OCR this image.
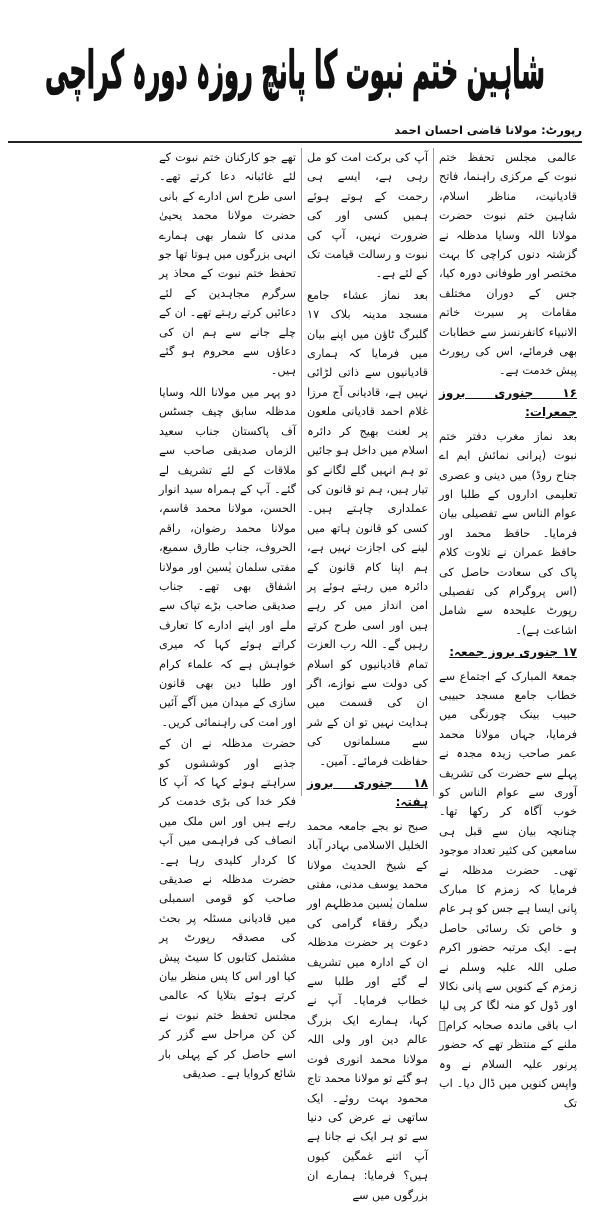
شاہین ختم نبوت کا پانچ روزہ دورہ کراچی
رپورٹ: مولانا قاضی احسان احمد

عالمی مجلس تحفظ ختم نبوت کے مرکزی راہنما، فاتح قادیانیت، مناظر اسلام، شاہین ختم نبوت حضرت مولانا اللہ وسایا مدظلہ نے گزشتہ دنوں کراچی کا بہت مختصر اور طوفانی دورہ کیا، جس کے دوران مختلف مقامات پر سیرت خاتم الانبیاء کانفرنسز سے خطابات بھی فرمائے، اس کی رپورٹ پیش خدمت ہے۔

۱۶ جنوری بروز جمعرات:

بعد نماز مغرب دفتر ختم نبوت (پرانی نمائش ایم اے جناح روڈ) میں دینی و عصری تعلیمی اداروں کے طلبا اور عوام الناس سے تفصیلی بیان فرمایا۔ حافظ محمد اور حافظ عمران نے تلاوت کلام پاک کی سعادت حاصل کی (اس پروگرام کی تفصیلی رپورٹ علیحدہ سے شامل اشاعت ہے)۔

۱۷ جنوری بروز جمعہ:

جمعۃ المبارک کے اجتماع سے خطاب جامع مسجد حبیبی حبیب بینک چورنگی میں فرمایا، جہاں مولانا محمد عمر صاحب زیدہ مجدہ نے پہلے سے حضرت کی تشریف آوری سے عوام الناس کو خوب آگاہ کر رکھا تھا۔ چنانچہ بیان سے قبل ہی سامعین کی کثیر تعداد موجود تھی۔ حضرت مدظلہ نے فرمایا کہ زمزم کا مبارک پانی ایسا ہے جس کو ہر عام و خاص تک رسائی حاصل ہے۔ ایک مرتبہ حضور اکرم صلی اللہ علیہ وسلم نے زمزم کے کنویں سے پانی نکالا اور ڈول کو منہ لگا کر پی لیا اب باقی ماندہ صحابہ کرامؓ ملنے کے منتظر تھے کہ حضور پرنور علیہ السلام نے وہ واپس کنویں میں ڈال دیا۔ اب تک

آپ کی برکت امت کو مل رہی ہے، ایسے ہی رحمت کے ہوتے ہوئے ہمیں کسی اور کی ضرورت نہیں، آپ کی نبوت و رسالت قیامت تک کے لئے ہے۔

بعد نماز عشاء جامع مسجد مدینہ بلاک ۱۷ گلبرگ ٹاؤن میں اپنے بیان میں فرمایا کہ ہماری قادیانیوں سے ذاتی لڑائی نہیں ہے، قادیانی آج مرزا غلام احمد قادیانی ملعون پر لعنت بھیج کر دائرہ اسلام میں داخل ہو جائیں تو ہم انہیں گلے لگانے کو تیار ہیں، ہم تو قانون کی عملداری چاہتے ہیں۔ کسی کو قانون ہاتھ میں لینے کی اجازت نہیں ہے، ہم اپنا کام قانون کے دائرہ میں رہتے ہوئے پر امن انداز میں کر رہے ہیں اور اسی طرح کرتے رہیں گے۔ اللہ رب العزت تمام قادیانیوں کو اسلام کی دولت سے نوازے، اگر ان کی قسمت میں ہدایت نہیں تو ان کے شر سے مسلمانوں کی حفاظت فرمائے۔ آمین۔

۱۸ جنوری بروز ہفتہ:

صبح نو بجے جامعہ محمد الخلیل الاسلامی بہادر آباد کے شیخ الحدیث مولانا محمد یوسف مدنی، مفتی سلمان یٰسین مدظلہم اور دیگر رفقاء گرامی کی دعوت پر حضرت مدظلہ ان کے ادارہ میں تشریف لے گئے اور طلبا سے خطاب فرمایا۔ آپ نے کہا، ہمارے ایک بزرگ عالم دین اور ولی اللہ مولانا محمد انوری فوت ہو گئے تو مولانا محمد تاج محمود بہت روئے۔ ایک ساتھی نے عرض کی دنیا سے تو ہر ایک نے جانا ہے آپ اتنے غمگین کیوں ہیں؟ فرمایا: ہمارے ان بزرگوں میں سے

تھے جو کارکنان ختم نبوت کے لئے غائبانہ دعا کرتے تھے۔ اسی طرح اس ادارے کے بانی حضرت مولانا محمد یحییٰ مدنی کا شمار بھی ہمارے انہی بزرگوں میں ہوتا تھا جو تحفظ ختم نبوت کے محاذ پر سرگرم مجاہدین کے لئے دعائیں کرتے رہتے تھے۔ ان کے چلے جانے سے ہم ان کی دعاؤں سے محروم ہو گئے ہیں۔

دو پہر میں مولانا اللہ وسایا مدظلہ سابق چیف جسٹس آف پاکستان جناب سعید الزماں صدیقی صاحب سے ملاقات کے لئے تشریف لے گئے۔ آپ کے ہمراہ سید انوار الحسن، مولانا محمد قاسم، مولانا محمد رضوان، راقم الحروف، جناب طارق سمیع، مفتی سلمان یٰسین اور مولانا اشفاق بھی تھے۔ جناب صدیقی صاحب بڑے تپاک سے ملے اور اپنے ادارے کا تعارف کراتے ہوئے کہا کہ میری خواہش ہے کہ علماء کرام اور طلبا دین بھی قانون سازی کے میدان میں آگے آئیں اور امت کی راہنمائی کریں۔

حضرت مدظلہ نے ان کے جذبے اور کوششوں کو سراہتے ہوئے کہا کہ آپ کا فکر خدا کی بڑی خدمت کر رہے ہیں اور اس ملک میں انصاف کی فراہمی میں آپ کا کردار کلیدی رہا ہے۔ حضرت مدظلہ نے صدیقی صاحب کو قومی اسمبلی میں قادیانی مسئلہ پر بحث کی مصدقہ رپورٹ پر مشتمل کتابوں کا سیٹ پیش کیا اور اس کا پس منظر بیان کرتے ہوئے بتلایا کہ عالمی مجلس تحفظ ختم نبوت نے کن کن مراحل سے گزر کر اسے حاصل کر کے پہلی بار شائع کروایا ہے۔ صدیقی
